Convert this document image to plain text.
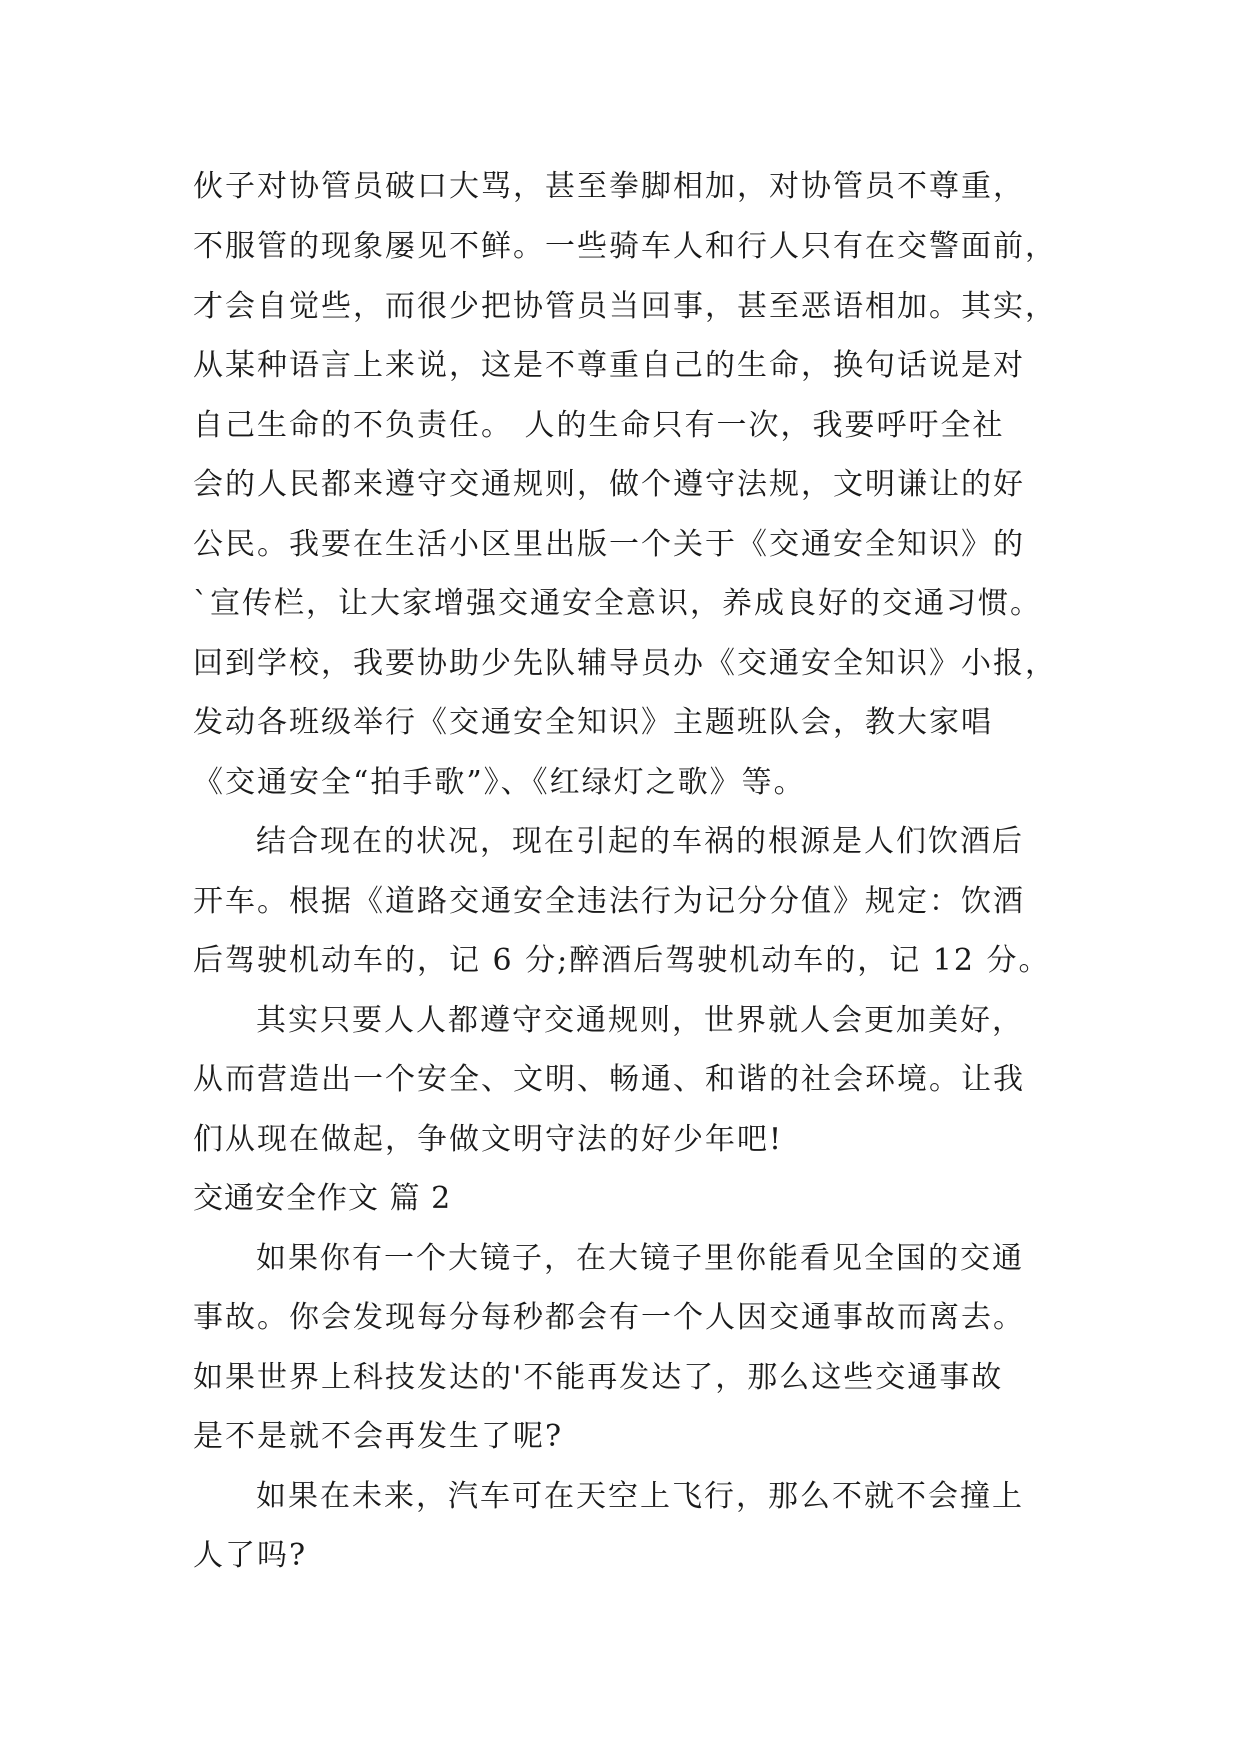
伙子对协管员破口大骂，甚至拳脚相加，对协管员不尊重，
不服管的现象屡见不鲜。一些骑车人和行人只有在交警面前，
才会自觉些，而很少把协管员当回事，甚至恶语相加。其实，
从某种语言上来说，这是不尊重自己的生命，换句话说是对
自己生命的不负责任。 人的生命只有一次，我要呼吁全社
会的人民都来遵守交通规则，做个遵守法规，文明谦让的好
公民。我要在生活小区里出版一个关于《交通安全知识》的
`宣传栏，让大家增强交通安全意识，养成良好的交通习惯。
回到学校，我要协助少先队辅导员办《交通安全知识》小报，
发动各班级举行《交通安全知识》主题班队会，教大家唱
《交通安全“拍手歌”》、《红绿灯之歌》等。
结合现在的状况，现在引起的车祸的根源是人们饮酒后
开车。根据《道路交通安全违法行为记分分值》规定：饮酒
后驾驶机动车的，记 6 分;醉酒后驾驶机动车的，记 12 分。
其实只要人人都遵守交通规则，世界就人会更加美好，
从而营造出一个安全、文明、畅通、和谐的社会环境。让我
们从现在做起，争做文明守法的好少年吧!
交通安全作文 篇 2
如果你有一个大镜子，在大镜子里你能看见全国的交通
事故。你会发现每分每秒都会有一个人因交通事故而离去。
如果世界上科技发达的'不能再发达了，那么这些交通事故
是不是就不会再发生了呢?
如果在未来，汽车可在天空上飞行，那么不就不会撞上
人了吗?
